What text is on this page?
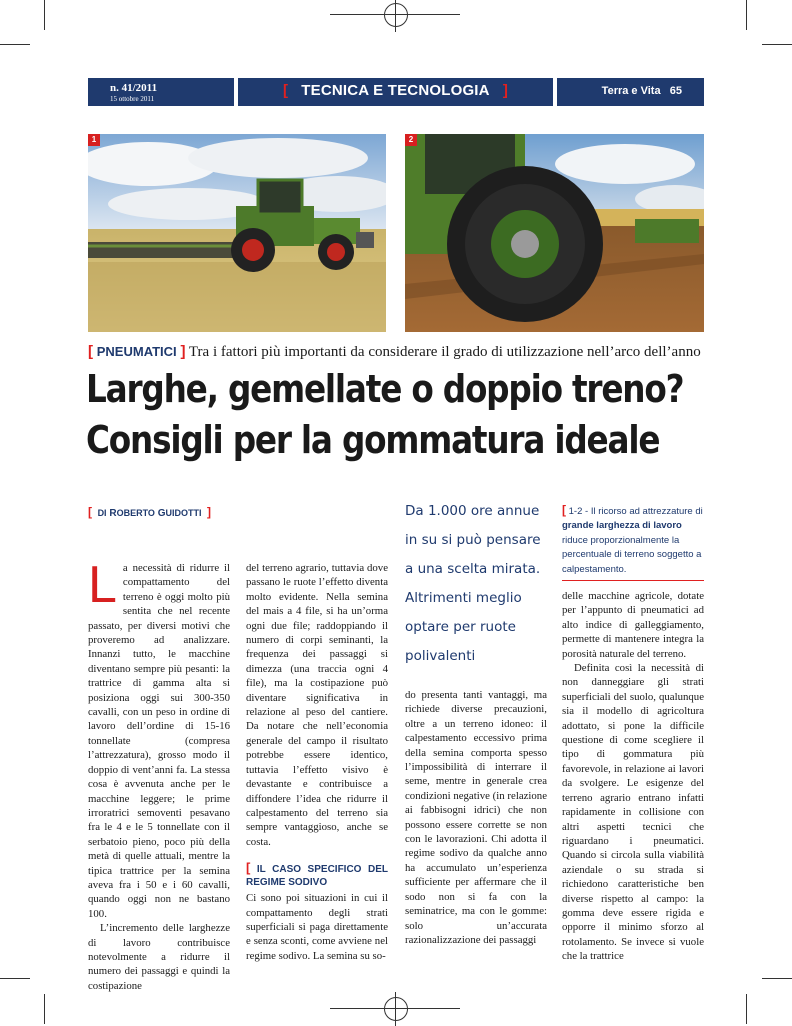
n. 41/2011
15 ottobre 2011	[ TECNICA E TECNOLOGIA ]	Terra e Vita 65
1	2
[ PNEUMATICI ] Tra i fattori più importanti da considerare il grado di utilizzazione nell’arco dell’anno
Larghe, gemellate o doppio treno?
Consigli per la gommatura ideale
[ DI ROBERTO GUIDOTTI ]	Da 1.000 ore annue in su si può pensare a una scelta mirata. Altrimenti meglio optare per ruote polivalenti
[ 1-2 - Il ricorso ad attrezzature di grande larghezza di lavoro riduce proporzionalmente la percentuale di terreno soggetto a calpestamento.

La necessità di ridurre il compattamento del terreno è oggi molto più sentita che nel recente passato, per diversi motivi che proveremo ad analizzare. Innanzi tutto, le macchine diventano sempre più pesanti: la trattrice di gamma alta si posiziona oggi sui 300-350 cavalli, con un peso in ordine di lavoro dell’ordine di 15-16 tonnellate (compresa l’attrezzatura), grosso modo il doppio di vent’anni fa. La stessa cosa è avvenuta anche per le macchine leggere; le prime irroratrici semoventi pesavano fra le 4 e le 5 tonnellate con il serbatoio pieno, poco più della metà di quelle attuali, mentre la tipica trattrice per la semina aveva fra i 50 e i 60 cavalli, quando oggi non ne bastano 100.

L’incremento delle larghezze di lavoro contribuisce notevolmente a ridurre il numero dei passaggi e quindi la costipazione

del terreno agrario, tuttavia dove passano le ruote l’effetto diventa molto evidente. Nella semina del mais a 4 file, si ha un’orma ogni due file; raddoppiando il numero di corpi seminanti, la frequenza dei passaggi si dimezza (una traccia ogni 4 file), ma la costipazione può diventare significativa in relazione al peso del cantiere. Da notare che nell’economia generale del campo il risultato potrebbe essere identico, tuttavia l’effetto visivo è devastante e contribuisce a diffondere l’idea che ridurre il calpestamento del terreno sia sempre vantaggioso, anche se costa.

[ IL CASO SPECIFICO DEL REGIME SODIVO

Ci sono poi situazioni in cui il compattamento degli strati superficiali si paga direttamente e senza sconti, come avviene nel regime sodivo. La semina su so-

do presenta tanti vantaggi, ma richiede diverse precauzioni, oltre a un terreno idoneo: il calpestamento eccessivo prima della semina comporta spesso l’impossibilità di interrare il seme, mentre in generale crea condizioni negative (in relazione ai fabbisogni idrici) che non possono essere corrette se non con le lavorazioni. Chi adotta il regime sodivo da qualche anno ha accumulato un’esperienza sufficiente per affermare che il sodo non si fa con la seminatrice, ma con le gomme: solo un’accurata razionalizzazione dei passaggi

delle macchine agricole, dotate per l’appunto di pneumatici ad alto indice di galleggiamento, permette di mantenere integra la porosità naturale del terreno.

Definita così la necessità di non danneggiare gli strati superficiali del suolo, qualunque sia il modello di agricoltura adottato, si pone la difficile questione di come scegliere il tipo di gommatura più favorevole, in relazione ai lavori da svolgere. Le esigenze del terreno agrario entrano infatti rapidamente in collisione con altri aspetti tecnici che riguardano i pneumatici. Quando si circola sulla viabilità aziendale o su strada si richiedono caratteristiche ben diverse rispetto al campo: la gomma deve essere rigida e opporre il minimo sforzo al rotolamento. Se invece si vuole che la trattrice
